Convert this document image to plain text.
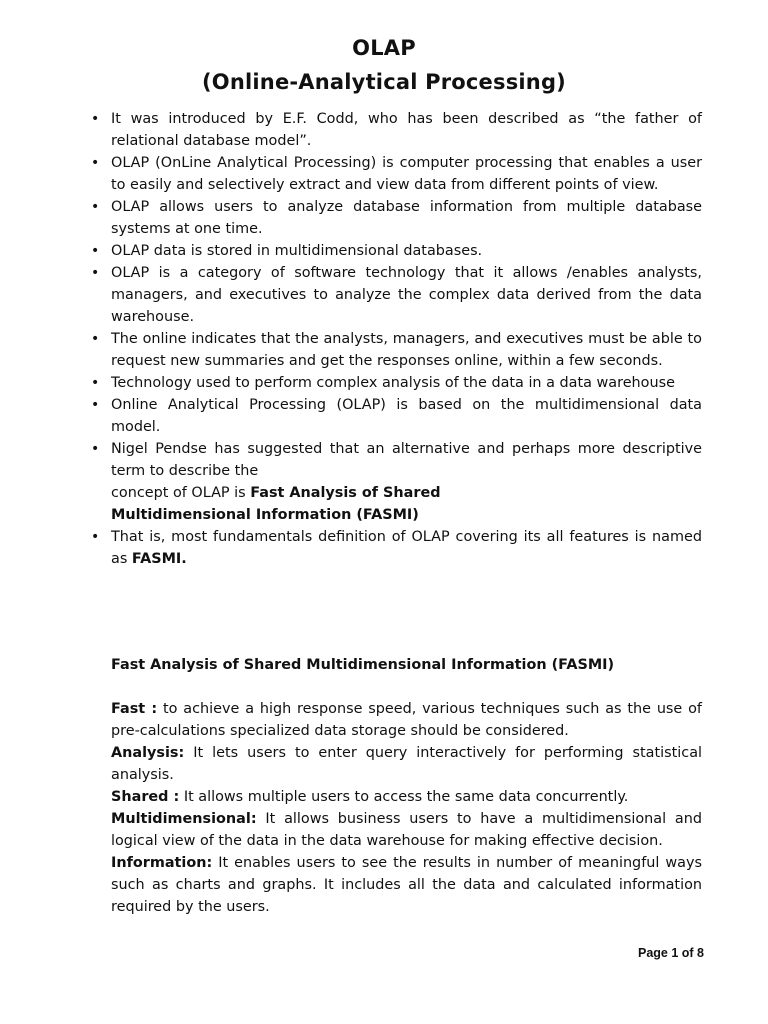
OLAP
(Online-Analytical Processing)
• It was introduced by E.F. Codd, who has been described as “the father of relational database model”.
• OLAP (OnLine Analytical Processing) is computer processing that enables a user to easily and selectively extract and view data from different points of view.
• OLAP allows users to analyze database information from multiple database systems at one time.
• OLAP data is stored in multidimensional databases.
• OLAP is a category of software technology that it allows /enables analysts, managers, and executives to analyze the complex data derived from the data warehouse.
• The online indicates that the analysts, managers, and executives must be able to request new summaries and get the responses online, within a few seconds.
• Technology used to perform complex analysis of the data in a data warehouse
• Online Analytical Processing (OLAP) is based on the multidimensional data model.
• Nigel Pendse has suggested that an alternative and perhaps more descriptive term to describe the
concept of OLAP is Fast Analysis of Shared
Multidimensional Information (FASMI)
• That is, most fundamentals definition of OLAP covering its all features is named as FASMI.
Fast Analysis of Shared Multidimensional Information (FASMI)

Fast : to achieve a high response speed, various techniques such as the use of pre-calculations specialized data storage should be considered.

Analysis: It lets users to enter query interactively for performing statistical analysis.

Shared : It allows multiple users to access the same data concurrently.

Multidimensional: It allows business users to have a multidimensional and logical view of the data in the data warehouse for making effective decision.

Information: It enables users to see the results in number of meaningful ways such as charts and graphs. It includes all the data and calculated information required by the users.

Page 1 of 8
